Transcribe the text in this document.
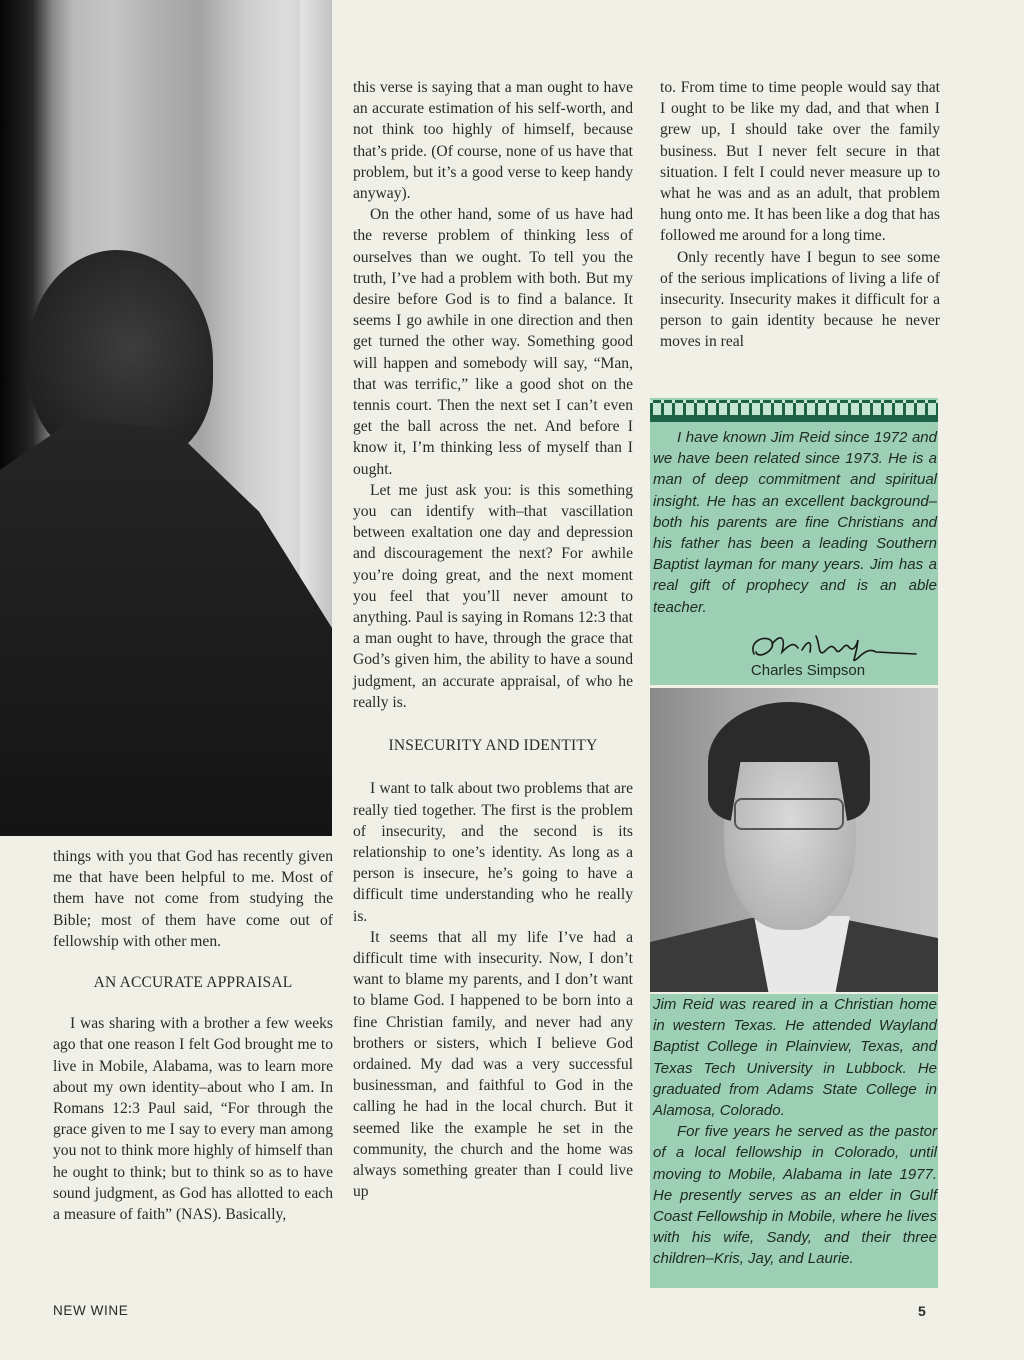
things with you that God has recently given me that have been helpful to me. Most of them have not come from studying the Bible; most of them have come out of fellowship with other men.

AN ACCURATE APPRAISAL

I was sharing with a brother a few weeks ago that one reason I felt God brought me to live in Mobile, Alabama, was to learn more about my own identity–about who I am. In Romans 12:3 Paul said, “For through the grace given to me I say to every man among you not to think more highly of himself than he ought to think; but to think so as to have sound judgment, as God has allotted to each a measure of faith” (NAS). Basically,

this verse is saying that a man ought to have an accurate estimation of his self-worth, and not think too highly of himself, because that’s pride. (Of course, none of us have that problem, but it’s a good verse to keep handy anyway).

On the other hand, some of us have had the reverse problem of thinking less of ourselves than we ought. To tell you the truth, I’ve had a problem with both. But my desire before God is to find a balance. It seems I go awhile in one direction and then get turned the other way. Something good will happen and somebody will say, “Man, that was terrific,” like a good shot on the tennis court. Then the next set I can’t even get the ball across the net. And before I know it, I’m thinking less of myself than I ought.

Let me just ask you: is this something you can identify with–that vascillation between exaltation one day and depression and discouragement the next? For awhile you’re doing great, and the next moment you feel that you’ll never amount to anything. Paul is saying in Romans 12:3 that a man ought to have, through the grace that God’s given him, the ability to have a sound judgment, an accurate appraisal, of who he really is.

INSECURITY AND IDENTITY

I want to talk about two problems that are really tied together. The first is the problem of insecurity, and the second is its relationship to one’s identity. As long as a person is insecure, he’s going to have a difficult time understanding who he really is.

It seems that all my life I’ve had a difficult time with insecurity. Now, I don’t want to blame my parents, and I don’t want to blame God. I happened to be born into a fine Christian family, and never had any brothers or sisters, which I believe God ordained. My dad was a very successful businessman, and faithful to God in the calling he had in the local church. But it seemed like the example he set in the community, the church and the home was always something greater than I could live up

to. From time to time people would say that I ought to be like my dad, and that when I grew up, I should take over the family business. But I never felt secure in that situation. I felt I could never measure up to what he was and as an adult, that problem hung onto me. It has been like a dog that has followed me around for a long time.

Only recently have I begun to see some of the serious implications of living a life of insecurity. Insecurity makes it difficult for a person to gain identity because he never moves in real

I have known Jim Reid since 1972 and we have been related since 1973. He is a man of deep commitment and spiritual insight. He has an excellent background–both his parents are fine Christians and his father has been a leading Southern Baptist layman for many years. Jim has a real gift of prophecy and is an able teacher.

Charles Simpson

Jim Reid was reared in a Christian home in western Texas. He attended Wayland Baptist College in Plainview, Texas, and Texas Tech University in Lubbock. He graduated from Adams State College in Alamosa, Colorado.

For five years he served as the pastor of a local fellowship in Colorado, until moving to Mobile, Alabama in late 1977. He presently serves as an elder in Gulf Coast Fellowship in Mobile, where he lives with his wife, Sandy, and their three children–Kris, Jay, and Laurie.

NEW WINE	5
